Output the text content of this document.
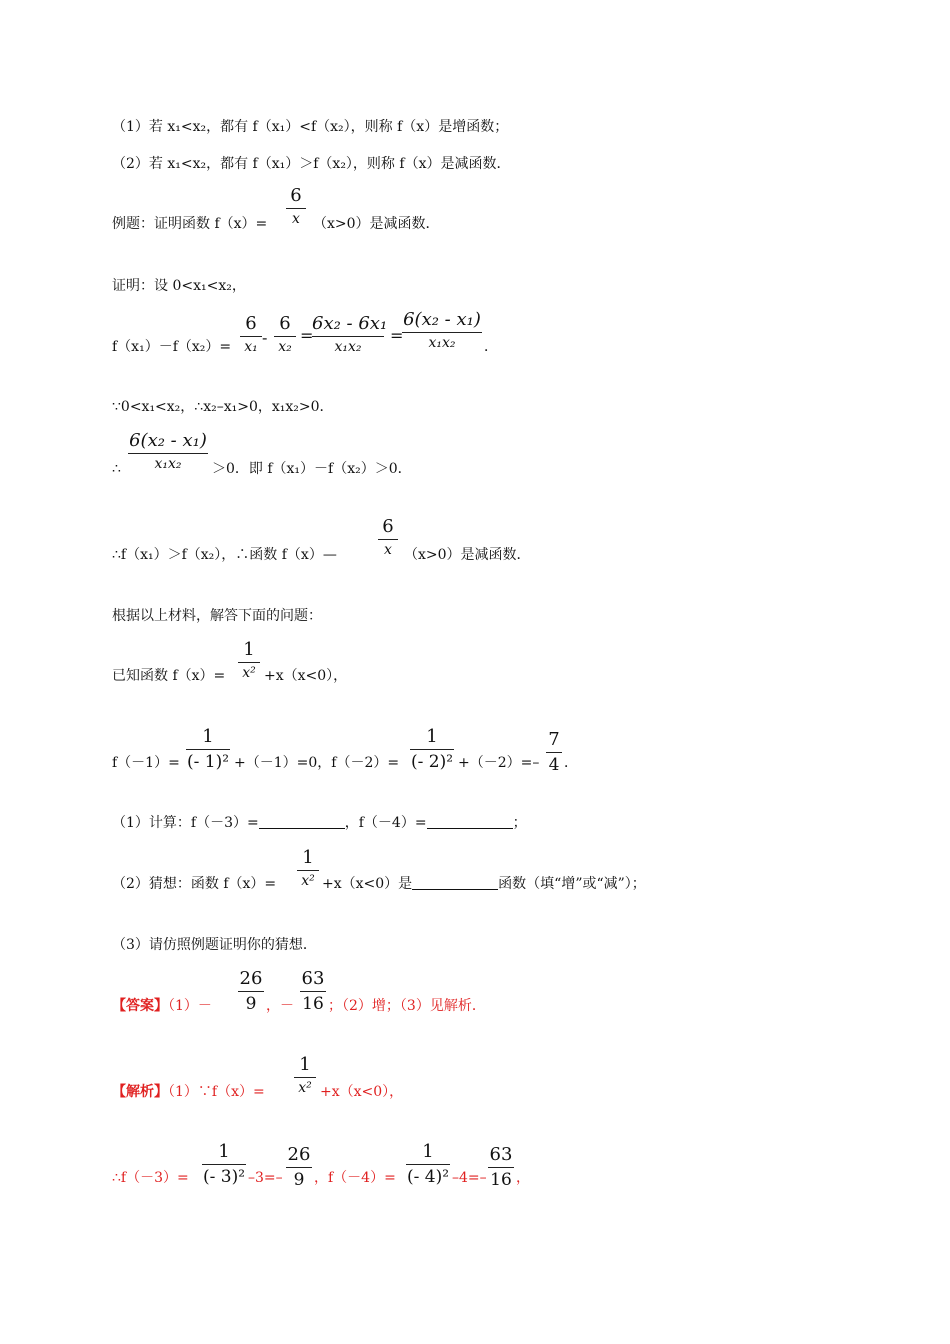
（1）若 x₁<x₂，都有 f（x₁）<f（x₂），则称 f（x）是增函数；
（2）若 x₁<x₂，都有 f（x₁）＞f（x₂），则称 f（x）是减函数．
例题：证明函数 f（x）=
6
x （x>0）是减函数．
证明：设 0<x₁<x₂，
f（x₁）－f（x₂）=
6
x₁ -
6
x₂
=
6x₂ - 6x₁
x₁x₂
=
6(x₂ - x₁)
x₁x₂	．
∵0<x₁<x₂，∴x₂–x₁>0，x₁x₂>0．
∴
6(x₂ - x₁)
x₁x₂	＞0．即 f（x₁）－f（x₂）＞0．
∴f（x₁）＞f（x₂），∴函数 f（x）—
6
x （x>0）是减函数．
根据以上材料，解答下面的问题：
已知函数 f（x）=
1
x² +x（x<0），
f（－1）=
1
(- 1)² +（－1）=0，f（－2）=
1
(- 2)² +（－2）=–
7
4 ．
（1）计算：f（－3）=	，f（－4）=	；
（2）猜想：函数 f（x）=
1
x² +x（x<0）是	函数（填“增”或“减”）；
（3）请仿照例题证明你的猜想．
【答案】（1）－
26
9 ，－
63
16 ；（2）增；（3）见解析．
【解析】（1）∵f（x）=
1
x² +x（x<0），
∴f（－3）=
1
(- 3)² –3=–
26
9 ，f（－4）=
1
(- 4)² –4=–
63
16 ，
